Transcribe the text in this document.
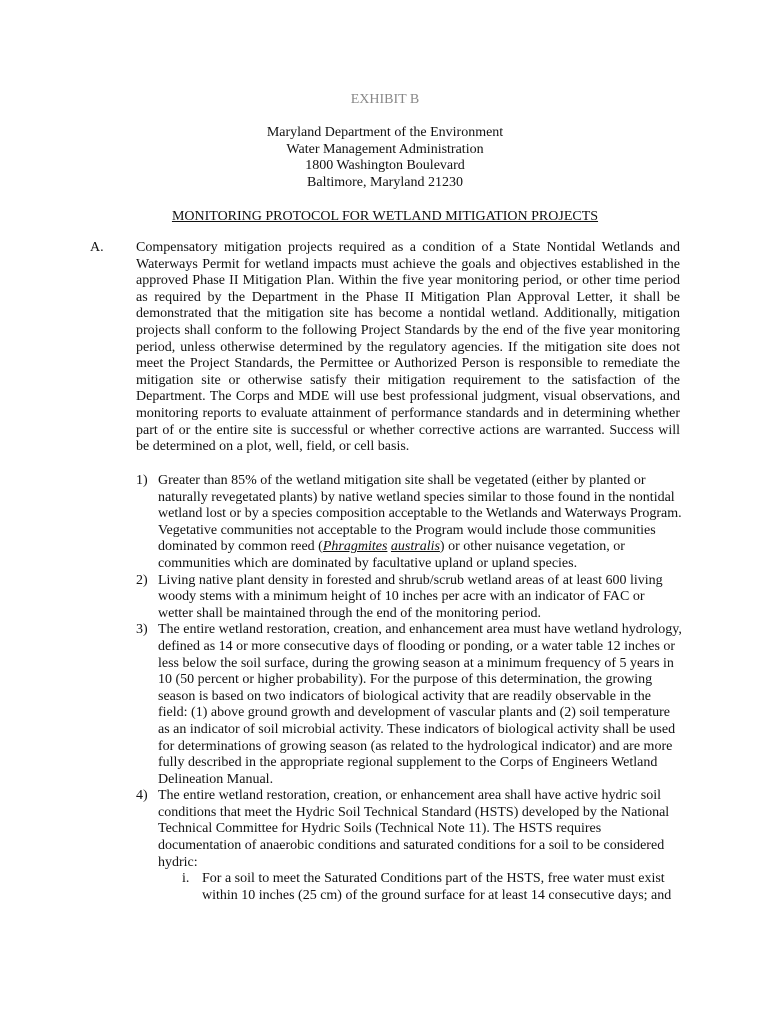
EXHIBIT B
Maryland Department of the Environment
Water Management Administration
1800 Washington Boulevard
Baltimore, Maryland 21230
MONITORING PROTOCOL FOR WETLAND MITIGATION PROJECTS
A. Compensatory mitigation projects required as a condition of a State Nontidal Wetlands and Waterways Permit for wetland impacts must achieve the goals and objectives established in the approved Phase II Mitigation Plan. Within the five year monitoring period, or other time period as required by the Department in the Phase II Mitigation Plan Approval Letter, it shall be demonstrated that the mitigation site has become a nontidal wetland. Additionally, mitigation projects shall conform to the following Project Standards by the end of the five year monitoring period, unless otherwise determined by the regulatory agencies. If the mitigation site does not meet the Project Standards, the Permittee or Authorized Person is responsible to remediate the mitigation site or otherwise satisfy their mitigation requirement to the satisfaction of the Department. The Corps and MDE will use best professional judgment, visual observations, and monitoring reports to evaluate attainment of performance standards and in determining whether part of or the entire site is successful or whether corrective actions are warranted. Success will be determined on a plot, well, field, or cell basis.

1) Greater than 85% of the wetland mitigation site shall be vegetated (either by planted or naturally revegetated plants) by native wetland species similar to those found in the nontidal wetland lost or by a species composition acceptable to the Wetlands and Waterways Program. Vegetative communities not acceptable to the Program would include those communities dominated by common reed (Phragmites australis) or other nuisance vegetation, or communities which are dominated by facultative upland or upland species.
2) Living native plant density in forested and shrub/scrub wetland areas of at least 600 living woody stems with a minimum height of 10 inches per acre with an indicator of FAC or wetter shall be maintained through the end of the monitoring period.
3) The entire wetland restoration, creation, and enhancement area must have wetland hydrology, defined as 14 or more consecutive days of flooding or ponding, or a water table 12 inches or less below the soil surface, during the growing season at a minimum frequency of 5 years in 10 (50 percent or higher probability). For the purpose of this determination, the growing season is based on two indicators of biological activity that are readily observable in the field: (1) above ground growth and development of vascular plants and (2) soil temperature as an indicator of soil microbial activity. These indicators of biological activity shall be used for determinations of growing season (as related to the hydrological indicator) and are more fully described in the appropriate regional supplement to the Corps of Engineers Wetland Delineation Manual.
4) The entire wetland restoration, creation, or enhancement area shall have active hydric soil conditions that meet the Hydric Soil Technical Standard (HSTS) developed by the National Technical Committee for Hydric Soils (Technical Note 11). The HSTS requires documentation of anaerobic conditions and saturated conditions for a soil to be considered hydric:
i. For a soil to meet the Saturated Conditions part of the HSTS, free water must exist within 10 inches (25 cm) of the ground surface for at least 14 consecutive days; and
